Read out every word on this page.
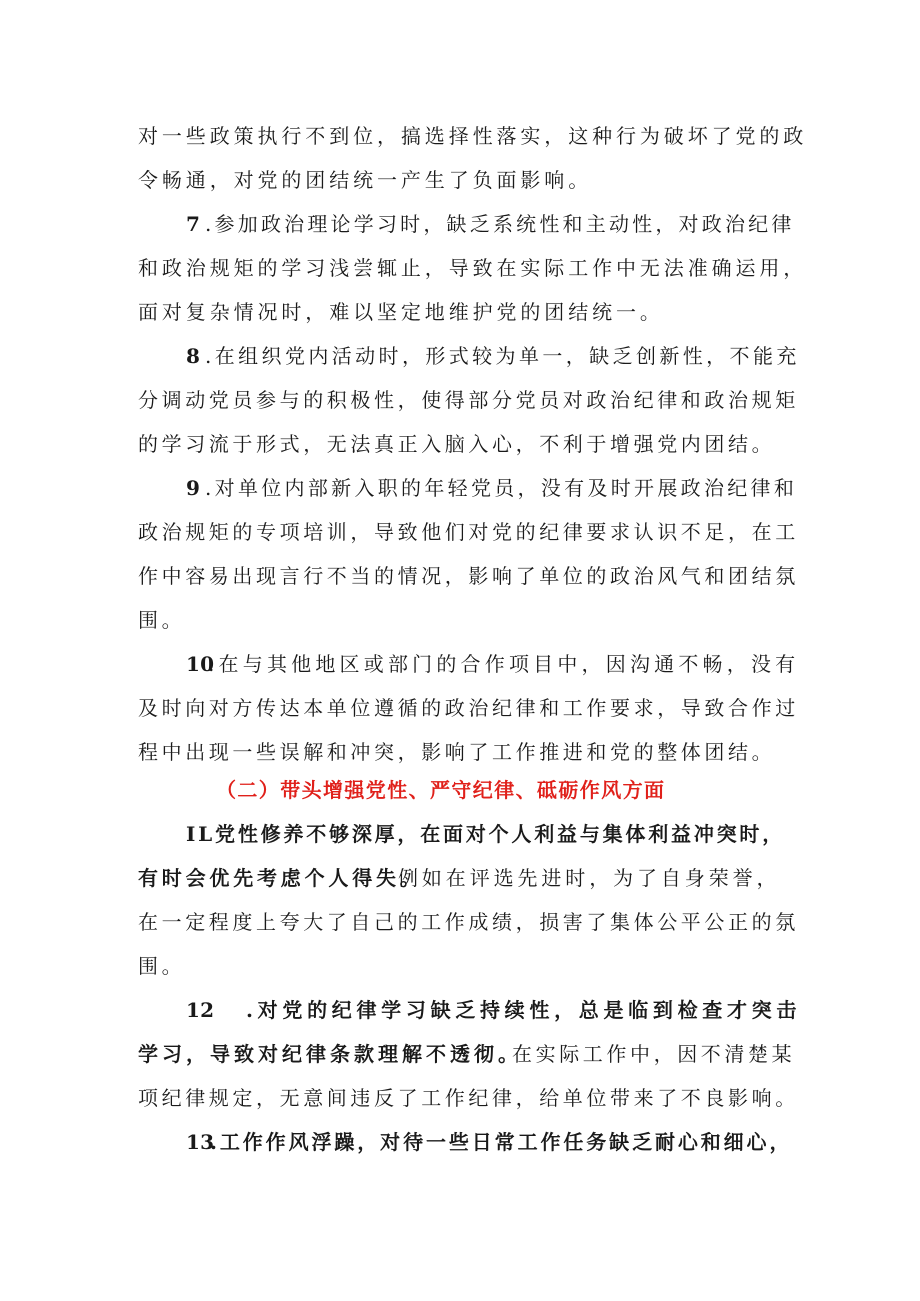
对一些政策执行不到位，搞选择性落实，这种行为破坏了党的政
令畅通，对党的团结统一产生了负面影响。
7 .参加政治理论学习时，缺乏系统性和主动性，对政治纪律
和政治规矩的学习浅尝辄止，导致在实际工作中无法准确运用，
面对复杂情况时，难以坚定地维护党的团结统一。
8 .在组织党内活动时，形式较为单一，缺乏创新性，不能充
分调动党员参与的积极性，使得部分党员对政治纪律和政治规矩
的学习流于形式，无法真正入脑入心，不利于增强党内团结。
9 .对单位内部新入职的年轻党员，没有及时开展政治纪律和
政治规矩的专项培训，导致他们对党的纪律要求认识不足，在工
作中容易出现言行不当的情况，影响了单位的政治风气和团结氛
围。
10
.在与其他地区或部门的合作项目中，因沟通不畅，没有
及时向对方传达本单位遵循的政治纪律和工作要求，导致合作过
程中出现一些误解和冲突，影响了工作推进和党的整体团结。
（二）带头增强党性、严守纪律、砥砺作风方面
IL党性修养不够深厚，在面对个人利益与集体利益冲突时，
有时会优先考虑个人得失。
例如在评选先进时，为了自身荣誉，
在一定程度上夸大了自己的工作成绩，损害了集体公平公正的氛
围。
12 .对党的纪律学习缺乏持续性，总是临到检查才突击
学习，导致对纪律条款理解不透彻。
在实际工作中，因不清楚某
项纪律规定，无意间违反了工作纪律，给单位带来了不良影响。
13
.工作作风浮躁，对待一些日常工作任务缺乏耐心和细心，
